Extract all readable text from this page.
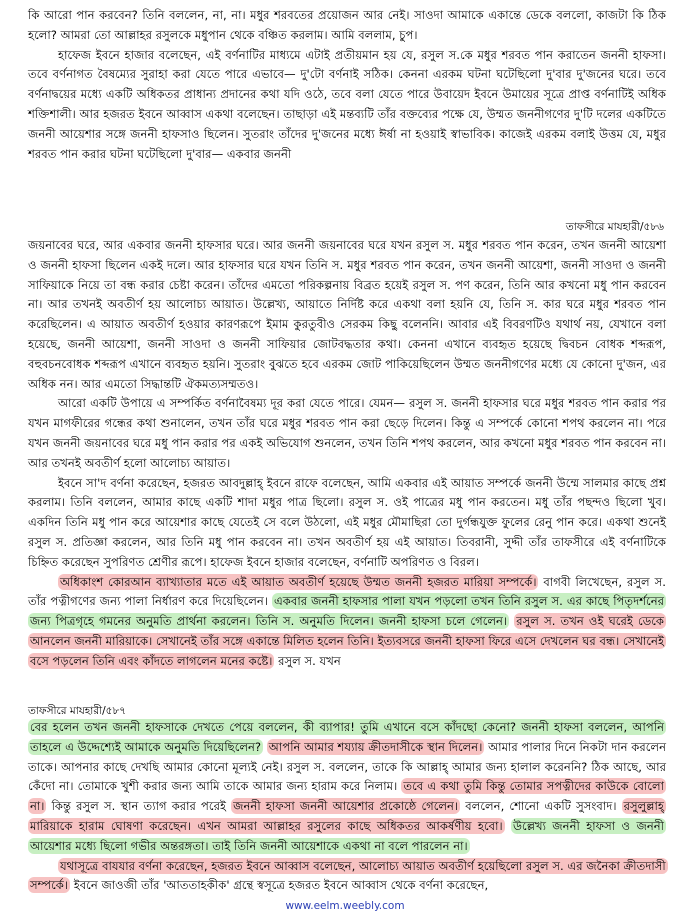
কি আরো পান করবেন? তিনি বললেন, না, না। মধুর শরবতের প্রয়োজন আর নেই। সাওদা আমাকে একান্তে ডেকে বললো, কাজটা কি ঠিক হলো? আমরা তো আল্লাহর রসুলকে মধুপান থেকে বঞ্চিত করলাম। আমি বললাম, চুপ।

হাফেজ ইবনে হাজার বলেছেন, এই বর্ণনাটির মাধ্যমে এটাই প্রতীয়মান হয় যে, রসুল স.কে মধুর শরবত পান করাতেন জননী হাফসা। তবে বর্ণনাগত বৈষম্যের সুরাহা করা যেতে পারে এভাবে— দু'টো বর্ণনাই সঠিক। কেননা এরকম ঘটনা ঘটেছিলো দু'বার দু'জনের ঘরে। তবে বর্ণনাদ্বয়ের মধ্যে একটি অধিকতর প্রাধান্য প্রদানের কথা যদি ওঠে, তবে বলা যেতে পারে উবায়েদ ইবনে উমায়ের সূত্রে প্রাপ্ত বর্ণনাটিই অধিক শক্তিশালী। আর হজরত ইবনে আব্বাস একথা বলেছেন। তাছাড়া এই মন্তব্যটি তাঁর বক্তব্যের পক্ষে যে, উম্মত জননীগণের দু'টি দলের একটিতে জননী আয়েশার সঙ্গে জননী হাফসাও ছিলেন। সুতরাং তাঁদের দু'জনের মধ্যে ঈর্ষা না হওয়াই স্বাভাবিক। কাজেই এরকম বলাই উত্তম যে, মধুর শরবত পান করার ঘটনা ঘটেছিলো দু'বার— একবার জননী

তাফসীরে মাযহারী/৫৮৬

জয়নাবের ঘরে, আর একবার জননী হাফসার ঘরে। আর জননী জয়নাবের ঘরে যখন রসুল স. মধুর শরবত পান করেন, তখন জননী আয়েশা ও জননী হাফসা ছিলেন একই দলে। আর হাফসার ঘরে যখন তিনি স. মধুর শরবত পান করেন, তখন জননী আয়েশা, জননী সাওদা ও জননী সাফিয়াকে নিয়ে তা বন্ধ করার চেষ্টা করেন। তাঁদের এমতো পরিকল্পনায় বিব্রত হয়েই রসুল স. পণ করেন, তিনি আর কখনো মধু পান করবেন না। আর তখনই অবতীর্ণ হয় আলোচ্য আয়াত। উল্লেখ্য, আয়াতে নির্দিষ্ট করে একথা বলা হয়নি যে, তিনি স. কার ঘরে মধুর শরবত পান করেছিলেন। এ আয়াত অবতীর্ণ হওয়ার কারণরূপে ইমাম কুরতুবীও সেরকম কিছু বলেননি। আবার এই বিবরণটিও যথার্থ নয়, যেখানে বলা হয়েছে, জননী আয়েশা, জননী সাওদা ও জননী সাফিয়ার জোটবদ্ধতার কথা। কেননা এখানে ব্যবহৃত হয়েছে দ্বিবচন বোধক শব্দরূপ, বহুবচনবোধক শব্দরূপ এখানে ব্যবহৃত হয়নি। সুতরাং বুঝতে হবে এরকম জোট পাকিয়েছিলেন উম্মত জননীগণের মধ্যে যে কোনো দু'জন, এর অধিক নন। আর এমতো সিদ্ধান্তটি ঐকমত্যসম্মতও।

আরো একটি উপায়ে এ সম্পর্কিত বর্ণনাবৈষম্য দূর করা যেতে পারে। যেমন— রসুল স. জননী হাফসার ঘরে মধুর শরবত পান করার পর যখন মাগফীরের গন্ধের কথা শুনালেন, তখন তাঁর ঘরে মধুর শরবত পান করা ছেড়ে দিলেন। কিন্তু এ সম্পর্কে কোনো শপথ করলেন না। পরে যখন জননী জয়নাবের ঘরে মধু পান করার পর একই অভিযোগ শুনলেন, তখন তিনি শপথ করলেন, আর কখনো মধুর শরবত পান করবেন না। আর তখনই অবতীর্ণ হলো আলোচ্য আয়াত।

ইবনে সা'দ বর্ণনা করেছেন, হজরত আবদুল্লাহ্ ইবনে রাফে বলেছেন, আমি একবার এই আয়াত সম্পর্কে জননী উম্মে সালমার কাছে প্রশ্ন করলাম। তিনি বললেন, আমার কাছে একটি শাদা মধুর পাত্র ছিলো। রসুল স. ওই পাত্রের মধু পান করতেন। মধু তাঁর পছন্দও ছিলো খুব। একদিন তিনি মধু পান করে আয়েশার কাছে যেতেই সে বলে উঠলো, এই মধুর মৌমাছিরা তো দুর্গন্ধযুক্ত ফুলের রেনু পান করে। একথা শুনেই রসুল স. প্রতিজ্ঞা করলেন, আর তিনি মধু পান করবেন না। তখন অবতীর্ণ হয় এই আয়াত। তিবরানী, সুদ্দী তাঁর তাফসীরে এই বর্ণনাটিকে চিহ্নিত করেছেন সুপরিণত শ্রেণীর রূপে। হাফেজ ইবনে হাজার বলেছেন, বর্ণনাটি অপরিণত ও বিরল।

অধিকাংশ কোরআন ব্যাখ্যাতার মতে এই আয়াত অবতীর্ণ হয়েছে উম্মত জননী হজরত মারিয়া সম্পর্কে। বাগবী লিখেছেন, রসুল স. তাঁর পত্নীগণের জন্য পালা নির্ধারণ করে দিয়েছিলেন। একবার জননী হাফসার পালা যখন পড়লো তখন তিনি রসুল স. এর কাছে পিতৃদর্শনের জন্য পিত্রগৃহে গমনের অনুমতি প্রার্থনা করলেন। তিনি স. অনুমতি দিলেন। জননী হাফসা চলে গেলেন। রসুল স. তখন ওই ঘরেই ডেকে আনলেন জননী মারিয়াকে। সেখানেই তাঁর সঙ্গে একান্তে মিলিত হলেন তিনি। ইত্যবসরে জননী হাফসা ফিরে এসে দেখলেন ঘর বন্ধ। সেখানেই বসে পড়লেন তিনি এবং কাঁদতে লাগলেন মনের কষ্টে। রসুল স. যখন

তাফসীরে মাযহারী/৫৮৭

বের হলেন তখন জননী হাফসাকে দেখতে পেয়ে বললেন, কী ব্যাপার! তুমি এখানে বসে কাঁদছো কেনো? জননী হাফসা বললেন, আপনি তাহলে এ উদ্দেশ্যেই আমাকে অনুমতি দিয়েছিলেন? আপনি আমার শয্যায় ক্রীতদাসীকে স্থান দিলেন। আমার পালার দিনে নিকটা দান করলেন তাকে। আপনার কাছে দেখছি আমার কোনো মূল্যই নেই। রসুল স. বললেন, তাকে কি আল্লাহ্ আমার জন্য হালাল করেননি? ঠিক আছে, আর কেঁদো না। তোমাকে খুশী করার জন্য আমি তাকে আমার জন্য হারাম করে নিলাম। তবে এ কথা তুমি কিন্তু তোমার সপত্নীদের কাউকে বোলো না। কিন্তু রসুল স. স্থান ত্যাগ করার পরেই জননী হাফসা জননী আয়েশার প্রকোষ্ঠে গেলেন। বললেন, শোনো একটি সুসংবাদ। রসুলুল্লাহ্ মারিয়াকে হারাম ঘোষণা করেছেন। এখন আমরা আল্লাহর রসুলের কাছে অধিকতর আকর্ষণীয় হবো। উল্লেখ্য জননী হাফসা ও জননী আয়েশার মধ্যে ছিলো গভীর অন্তরঙ্গতা। তাই তিনি জননী আয়েশাকে একথা না বলে পারলেন না।

যথাসূত্রে বাযযার বর্ণনা করেছেন, হজরত ইবনে আব্বাস বলেছেন, আলোচ্য আয়াত অবতীর্ণ হয়েছিলো রসুল স. এর জনৈকা ক্রীতদাসী সম্পর্কে। ইবনে জাওজী তাঁর 'আততাহকীক' গ্রন্থে স্বসূত্রে হজরত ইবনে আব্বাস থেকে বর্ণনা করেছেন,

www.eelm.weebly.com
